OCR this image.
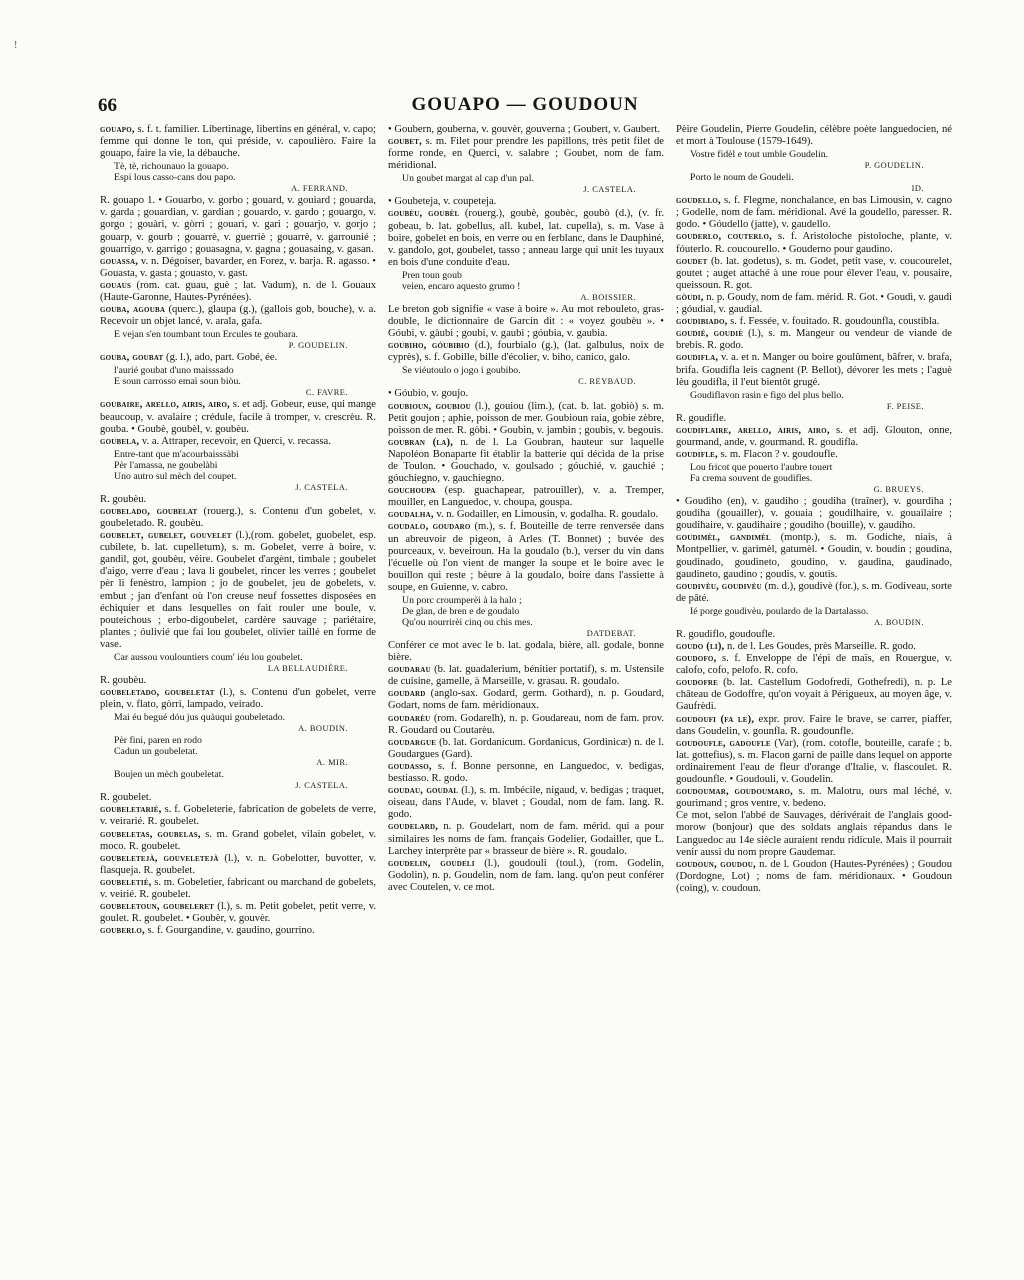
66	GOUAPO — GOUDOUN
!

gouapo, s. f. t. familier. Libertinage, libertins en général, v. capo; femme qui donne le ton, qui préside, v. capoulièro. Faire la gouapo, faire la vie, la débauche.

Tè, tè, richounauo la gouapo.
Espi lous casso-cans dou papo.
A. FERRAND.

R. gouapo 1. • Gouarbo, v. gorbo ; gouard, v. gouiard ; gouarda, v. garda ; gouardian, v. gardian ; gouardo, v. gardo ; gouargo, v. gorgo ; gouàri, v. gòrri ; gouari, v. gari ; gouarjo, v. gorjo ; gouarp, v. gourb ; gouarrè, v. guerriè ; gouarrè, v. garrounié ; gouarrigo, v. garrigo ; gouasagna, v. gagna ; gouasaing, v. gasan.

gouassa, v. n. Dégoiser, bavarder, en Forez, v. barja. R. agasso. • Gouasta, v. gasta ; gouasto, v. gast.

gouaus (rom. cat. guau, guè ; lat. Vadum), n. de l. Gouaux (Haute-Garonne, Hautes-Pyrénées).

gouba, agouba (querc.), glaupa (g.), (gallois gob, bouche), v. a. Recevoir un objet lancé, v. arala, gafa.

E vejan s'en toumbant toun Ercules te goubara.
P. GOUDELIN.

gouba, goubat (g. l.), ado, part. Gobé, ée.

l'aurié goubat d'uno maisssado
E soun carrosso emai soun biòu.
C. FAVRE.

goubaire, arello, airis, airo, s. et adj. Gobeur, euse, qui mange beaucoup, v. avalaire ; crédule, facile à tromper, v. crescrèu. R. gouba. • Goubè, goubèl, v. goubèu.

goubela, v. a. Attraper, recevoir, en Querci, v. recassa.

Entre-tant que m'acourbaisssàbi
Pèr l'amassa, ne goubelàbi
Uno autro sul mèch del coupet.
J. CASTELA.

R. goubèu.

goubelado, goubelat (rouerg.), s. Contenu d'un gobelet, v. goubeletado. R. goubèu.

goubelet, gubelet, gouvelet (l.),(rom. gobelet, guobelet, esp. cubilete, b. lat. cupelletum), s. m. Gobelet, verre à boire, v. gandil, got, goubèu, vèire. Goubelet d'argènt, timbale ; goubelet d'aigo, verre d'eau ; lava li goubelet, rincer les verres ; goubelet pèr li fenèstro, lampion ; jo de goubelet, jeu de gobelets, v. embut ; jan d'enfant où l'on creuse neuf fossettes disposées en échiquier et dans lesquelles on fait rouler une boule, v. pouteichous ; erbo-digoubelet, cardère sauvage ; pariétaire, plantes ; óulivié que fai lou goubelet, olivier taillé en forme de vase.

Car aussou voulountiers coum' iéu lou goubelet.
LA BELLAUDIÈRE.

R. goubèu.

goubeletado, goubeletat (l.), s. Contenu d'un gobelet, verre plein, v. flato, gòrri, lampado, veirado.

Mai éu begué dóu jus quàuqui goubeletado.
A. BOUDIN.
Pèr fini, paren en rodo
Cadun un goubeletat.
A. MIR.
Boujen un mèch goubeletat.
J. CASTELA.

R. goubelet.

goubeletarié, s. f. Gobeleterie, fabrication de gobelets de verre, v. veirarié. R. goubelet.

goubeletas, goubelas, s. m. Grand gobelet, vilain gobelet, v. moco. R. goubelet.

goubeletejà, gouveletejà (l.), v. n. Gobelotter, buvotter, v. flasqueja. R. goubelet.

goubeletié, s. m. Gobeletier, fabricant ou marchand de gobelets, v. veirié. R. goubelet.

goubeletoun, goubeleret (l.), s. m. Petit gobelet, petit verre, v. goulet. R. goubelet. • Goubèr, v. gouvèr.

gouberlo, s. f. Gourgandine, v. gaudino, gourrino.

• Goubern, gouberna, v. gouvèr, gouverna ; Goubert, v. Gaubert.

goubet, s. m. Filet pour prendre les papillons, très petit filet de forme ronde, en Querci, v. salabre ; Goubet, nom de fam. méridional.

Un goubet margat al cap d'un pal.
J. CASTELA.

• Goubeteja, v. coupeteja.

goubèu, goubèl (rouerg.), goubè, goubèc, goubò (d.), (v. fr. gobeau, b. lat. gobellus, all. kubel, lat. cupella), s. m. Vase à boire, gobelet en bois, en verre ou en ferblanc, dans le Dauphiné, v. gandolo, got, goubelet, tasso ; anneau large qui unit les tuyaux en bois d'une conduite d'eau.

Pren toun goub
veien, encaro aquesto grumo !
A. BOISSIER.

Le breton gob signifie « vase à boire ». Au mot rebouleto, gras-double, le dictionnaire de Garcin dit : « voyez goubèu ». • Góubi, v. gàubi ; goubi, v. gaubi ; góubia, v. gaubia.

goubiho, góubibio (d.), fourbialo (g.), (lat. galbulus, noix de cyprès), s. f. Gobille, bille d'écolier, v. biho, canico, galo.

Se viéutoulo o jogo i goubibo.
C. REYBAUD.

• Góubio, v. goujo.

goubioun, goubiou (l.), gouiou (lim.), (cat. b. lat. gobiò) s. m. Petit goujon ; aphie, poisson de mer. Goubioun raia, gobie zèbre, poisson de mer. R. gòbi. • Goubin, v. jambin ; goubis, v. begouis.

goubran (la), n. de l. La Goubran, hauteur sur laquelle Napoléon Bonaparte fit établir la batterie qui décida de la prise de Toulon. • Gouchado, v. goulsado ; góuchié, v. gauchié ; góuchiegno, v. gauchiegno.

gouchoupa (esp. guachapear, patrouiller), v. a. Tremper, mouiller, en Languedoc, v. choupa, gouspa.

goudalha, v. n. Godailler, en Limousin, v. godalha. R. goudalo.

goudalo, goudaro (m.), s. f. Bouteille de terre renversée dans un abreuvoir de pigeon, à Arles (T. Bonnet) ; buvée des pourceaux, v. beveiroun. Ha la goudalo (b.), verser du vin dans l'écuelle où l'on vient de manger la soupe et le boire avec le bouillon qui reste ; bèure à la goudalo, boire dans l'assiette à soupe, en Guienne, v. cabro.

Un porc croumperèi à la halo ;
De glan, de bren e de goudalo
Qu'ou nourrirèi cinq ou chis mes.
DATDEBAT.

Conférer ce mot avec le b. lat. godala, bière, all. godale, bonne bière.

goudarau (b. lat. guadalerium, bénitier portatif), s. m. Ustensile de cuisine, gamelle, à Marseille, v. grasau. R. goudalo.

goudard (anglo-sax. Godard, germ. Gothard), n. p. Goudard, Godart, noms de fam. méridionaux.

goudarèu (rom. Godarelh), n. p. Goudareau, nom de fam. prov. R. Goudard ou Coutarèu.

goudargue (b. lat. Gordanicum. Gordanicus, Gordinicæ) n. de l. Goudargues (Gard).

goudasso, s. f. Bonne personne, en Languedoc, v. bedigas, bestiasso. R. godo.

goudau, goudal (l.), s. m. Imbécile, nigaud, v. bedigas ; traquet, oiseau, dans l'Aude, v. blavet ; Goudal, nom de fam. lang. R. godo.

goudelard, n. p. Goudelart, nom de fam. mérid. qui a pour similaires les noms de fam. français Godelier, Godailler, que L. Larchey interprète par « brasseur de bière ». R. goudalo.

goudelin, goudeli (l.), goudouli (toul.), (rom. Godelin, Godolin), n. p. Goudelin, nom de fam. lang. qu'on peut conférer avec Coutelen, v. ce mot.

Pèire Goudelin, Pierre Goudelin, célèbre poète languedocien, né et mort à Toulouse (1579-1649).

Vostre fidèl e tout umble Goudelin.
P. GOUDELIN.
Porto le noum de Goudeli.
ID.

goudello, s. f. Flegme, nonchalance, en bas Limousin, v. cagno ; Godelle, nom de fam. méridional. Avé la goudello, paresser. R. godo. • Góudello (jatte), v. gaudello.

gouderlo, couterlo, s. f. Aristoloche pistoloche, plante, v. fóuterlo. R. coucourello. • Gouderno pour gaudino.

goudet (b. lat. godetus), s. m. Godet, petit vase, v. coucourelet, goutet ; auget attaché à une roue pour élever l'eau, v. pousaire, queissoun. R. got.

gòudi, n. p. Goudy, nom de fam. mérid. R. Got. • Goudi, v. gaudi ; góudial, v. gaudial.

goudibiado, s. f. Fessée, v. fouitado. R. goudounfla, coustibla.

goudié, goudiè (l.), s. m. Mangeur ou vendeur de viande de brebis. R. godo.

goudifla, v. a. et n. Manger ou boire goulûment, bâfrer, v. brafa, brifa. Goudifla leis cagnent (P. Bellot), dévorer les mets ; l'aguè lèu goudifla, il l'eut bientôt grugé.

Goudiflavon rasin e figo del plus bello.
F. PEISE.

R. goudifle.

goudiflaire, arello, airis, airo, s. et adj. Glouton, onne, gourmand, ande, v. gourmand. R. goudifla.

goudifle, s. m. Flacon ? v. goudoufle.

Lou fricot que pouerto l'aubre touert
Fa crema souvent de goudifles.
G. BRUEYS.

• Goudiho (en), v. gaudiho ; goudiha (traîner), v. gourdiha ; goudiha (gouailler), v. gouaia ; goudilhaire, v. gouailaire ; goudihaire, v. gaudihaire ; goudiho (bouille), v. gaudiho.

goudimèl, gandimèl (montp.), s. m. Godiche, niais, à Montpellier, v. garimèl, gatumèl. • Goudin, v. boudin ; goudina, goudinado, goudineto, goudino, v. gaudina, gaudinado, gaudineto, gaudino ; goudis, v. goutis.

goudivèu, goudivèu (m. d.), goudivè (for.), s. m. Godiveau, sorte de pâté.

Ié porge goudivèu, poulardo de la Dartalasso.
A. BOUDIN.

R. goudiflo, goudoufle.

goudo (li), n. de l. Les Goudes, près Marseille. R. godo.

goudofo, s. f. Enveloppe de l'épi de maïs, en Rouergue, v. calofo, cofo, pelofo. R. cofo.

goudofre (b. lat. Castellum Godofredi, Gothefredi), n. p. Le château de Godoffre, qu'on voyait à Périgueux, au moyen âge, v. Gaufrèdi.

goudoufi (fa le), expr. prov. Faire le brave, se carrer, piaffer, dans Goudelin, v. gounfla. R. goudounfle.

goudoufle, gadoufle (Var), (rom. cotofle, bouteille, carafe ; b. lat. gottefìus), s. m. Flacon garni de paille dans lequel on apporte ordinairement l'eau de fleur d'orange d'Italie, v. flascoulet. R. goudounfle. • Goudouli, v. Goudelin.

goudoumar, goudoumaro, s. m. Malotru, ours mal léché, v. gourimand ; gros ventre, v. bedeno.

Ce mot, selon l'abbé de Sauvages, dérivérait de l'anglais good-morow (bonjour) que des soldats anglais répandus dans le Languedoc au 14e siècle auraient rendu ridicule. Mais il pourrait venir aussi du nom propre Gaudemar.

goudoun, goudou, n. de l. Goudon (Hautes-Pyrénées) ; Goudou (Dordogne, Lot) ; noms de fam. méridionaux. • Goudoun (coing), v. coudoun.
